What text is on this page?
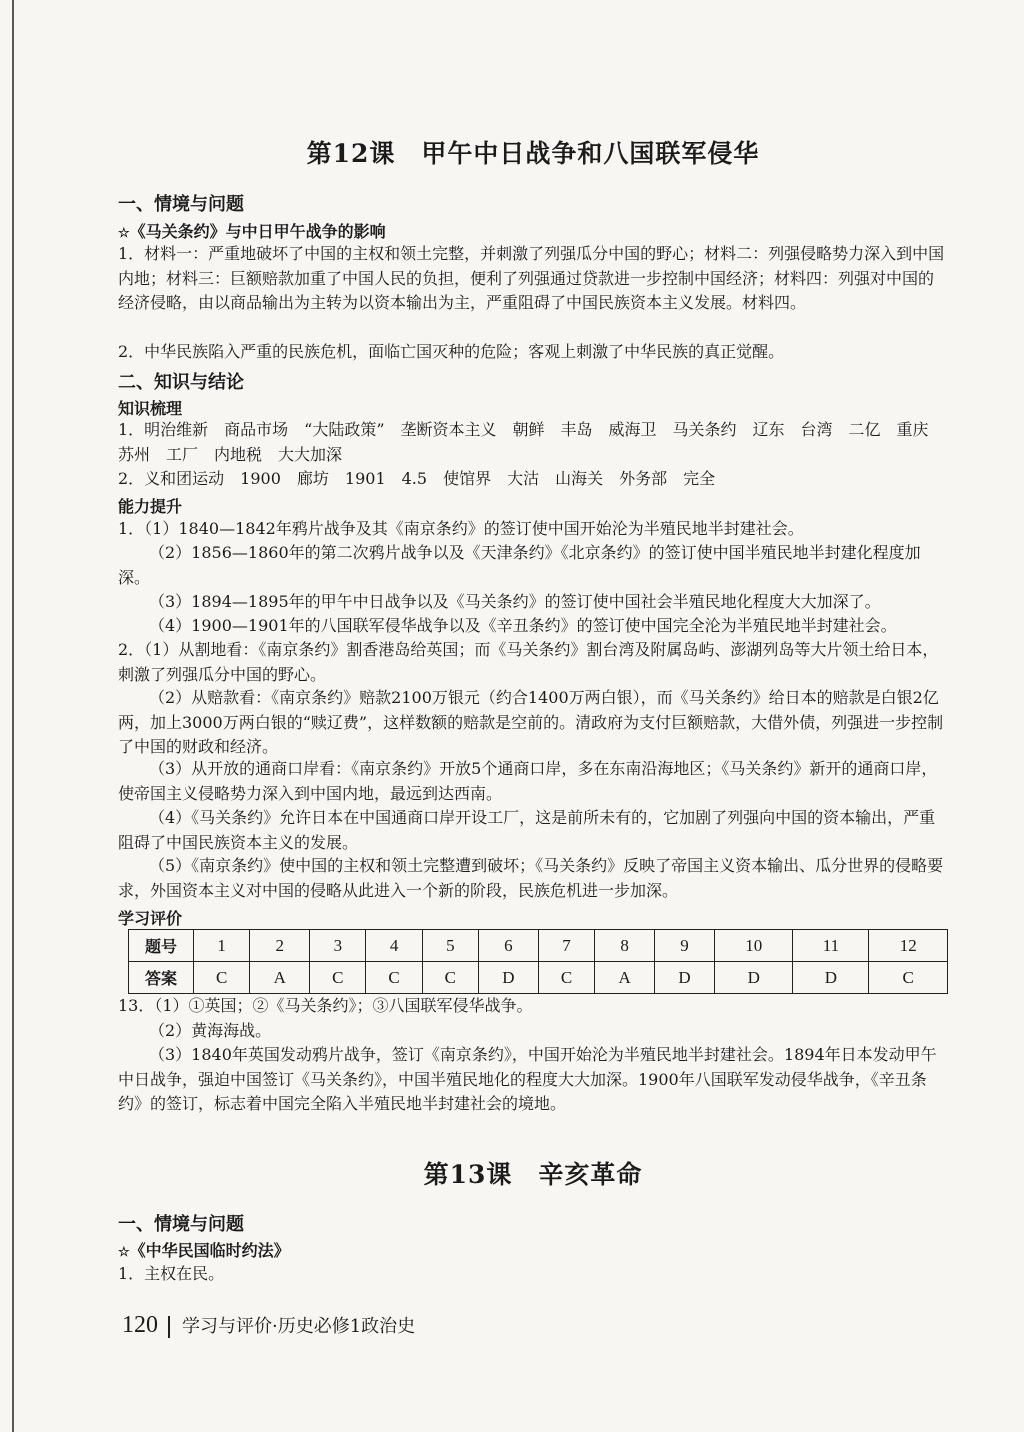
第12课　甲午中日战争和八国联军侵华
一、情境与问题
☆《马关条约》与中日甲午战争的影响
1．材料一：严重地破坏了中国的主权和领土完整，并刺激了列强瓜分中国的野心；材料二：列强侵略势力深入到中国内地；材料三：巨额赔款加重了中国人民的负担，便利了列强通过贷款进一步控制中国经济；材料四：列强对中国的经济侵略，由以商品输出为主转为以资本输出为主，严重阻碍了中国民族资本主义发展。材料四。
2．中华民族陷入严重的民族危机，面临亡国灭种的危险；客观上刺激了中华民族的真正觉醒。
二、知识与结论
知识梳理
1．明治维新　商品市场　“大陆政策”　垄断资本主义　朝鲜　丰岛　威海卫　马关条约　辽东　台湾　二亿　重庆　苏州　工厂　内地税　大大加深
2．义和团运动　1900　廊坊　1901　4.5　使馆界　大沽　山海关　外务部　完全
能力提升
1．（1）1840—1842年鸦片战争及其《南京条约》的签订使中国开始沦为半殖民地半封建社会。
（2）1856—1860年的第二次鸦片战争以及《天津条约》《北京条约》的签订使中国半殖民地半封建化程度加深。
（3）1894—1895年的甲午中日战争以及《马关条约》的签订使中国社会半殖民地化程度大大加深了。
（4）1900—1901年的八国联军侵华战争以及《辛丑条约》的签订使中国完全沦为半殖民地半封建社会。
2．（1）从割地看：《南京条约》割香港岛给英国；而《马关条约》割台湾及附属岛屿、澎湖列岛等大片领土给日本，刺激了列强瓜分中国的野心。
（2）从赔款看：《南京条约》赔款2100万银元（约合1400万两白银），而《马关条约》给日本的赔款是白银2亿两，加上3000万两白银的“赎辽费”，这样数额的赔款是空前的。清政府为支付巨额赔款，大借外债，列强进一步控制了中国的财政和经济。
（3）从开放的通商口岸看：《南京条约》开放5个通商口岸，多在东南沿海地区；《马关条约》新开的通商口岸，使帝国主义侵略势力深入到中国内地，最远到达西南。
（4）《马关条约》允许日本在中国通商口岸开设工厂，这是前所未有的，它加剧了列强向中国的资本输出，严重阻碍了中国民族资本主义的发展。
（5）《南京条约》使中国的主权和领土完整遭到破坏；《马关条约》反映了帝国主义资本输出、瓜分世界的侵略要求，外国资本主义对中国的侵略从此进入一个新的阶段，民族危机进一步加深。
学习评价
题号	1	2	3	4	5	6	7	8	9	10	11	12
答案	C	A	C	C	C	D	C	A	D	D	D	C
13．（1）①英国；②《马关条约》；③八国联军侵华战争。
（2）黄海海战。
（3）1840年英国发动鸦片战争，签订《南京条约》，中国开始沦为半殖民地半封建社会。1894年日本发动甲午中日战争，强迫中国签订《马关条约》，中国半殖民地化的程度大大加深。1900年八国联军发动侵华战争，《辛丑条约》的签订，标志着中国完全陷入半殖民地半封建社会的境地。
第13课　辛亥革命
一、情境与问题
☆《中华民国临时约法》
1．主权在民。
120 学习与评价·历史必修1政治史
